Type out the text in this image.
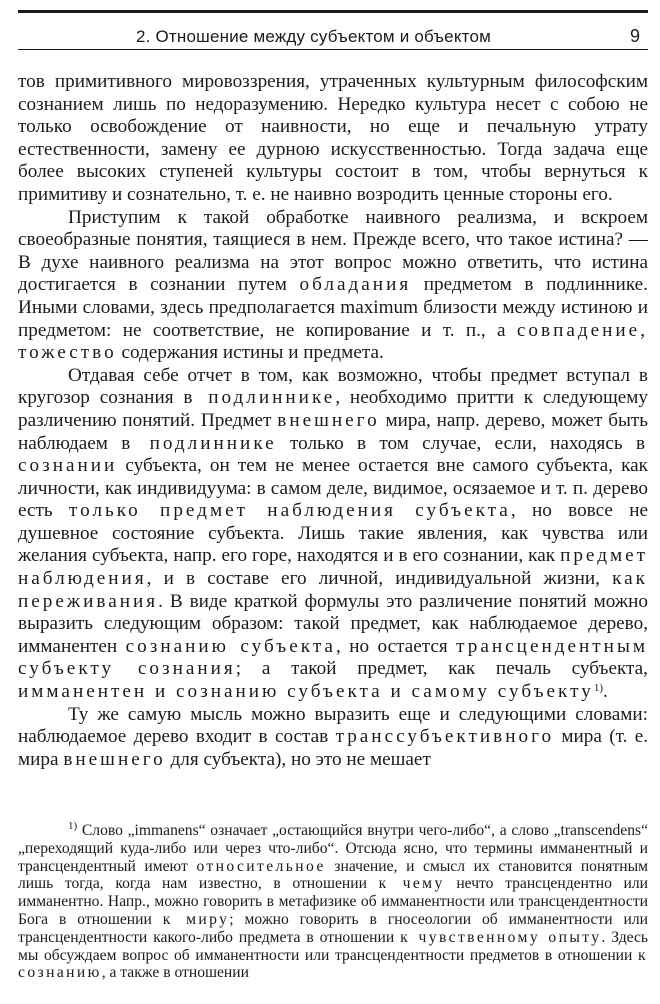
2. Отношение между субъектом и объектом	9

тов примитивного мировоззрения, утраченных культурным философским сознанием лишь по недоразумению. Нередко культура несет с собою не только освобождение от наивности, но еще и печальную утрату естественности, замену ее дурною искусственностью. Тогда задача еще более высоких ступеней культуры состоит в том, чтобы вернуться к примитиву и сознательно, т. е. не наивно возродить ценные стороны его.

Приступим к такой обработке наивного реализма, и вскроем своеобразные понятия, таящиеся в нем. Прежде всего, что такое истина? — В духе наивного реализма на этот вопрос можно ответить, что истина достигается в сознании путем обладания предметом в подлиннике. Иными словами, здесь предполагается maximum близости между истиною и предметом: не соответствие, не копирование и т. п., а совпадение, тожество содержания истины и предмета.

Отдавая себе отчет в том, как возможно, чтобы предмет вступал в кругозор сознания в подлиннике, необходимо притти к следующему различению понятий. Предмет внешнего мира, напр. дерево, может быть наблюдаем в подлиннике только в том случае, если, находясь в сознании субъекта, он тем не менее остается вне самого субъекта, как личности, как индивидуума: в самом деле, видимое, осязаемое и т. п. дерево есть только предмет наблюдения субъекта, но вовсе не душевное состояние субъекта. Лишь такие явления, как чувства или желания субъекта, напр. его горе, находятся и в его сознании, как предмет наблюдения, и в составе его личной, индивидуальной жизни, как переживания. В виде краткой формулы это различение понятий можно выразить следующим образом: такой предмет, как наблюдаемое дерево, имманентен сознанию субъекта, но остается трансцендентным субъекту сознания; а такой предмет, как печаль субъекта, имманентен и сознанию субъекта и самому субъекту$^{1)}$.

Ту же самую мысль можно выразить еще и следующими словами: наблюдаемое дерево входит в состав транссубъективного мира (т. е. мира внешнего для субъекта), но это не мешает

$^{1)}$ Слово „immanens“ означает „остающийся внутри чего-либо“, а слово „transcendens“ „переходящий куда-либо или через что-либо“. Отсюда ясно, что термины имманентный и трансцендентный имеют относительное значение, и смысл их становится понятным лишь тогда, когда нам известно, в отношении к чему нечто трансцендентно или имманентно. Напр., можно говорить в метафизике об имманентности или трансцендентности Бога в отношении к миру; можно говорить в гносеологии об имманентности или трансцендентности какого-либо предмета в отношении к чувственному опыту. Здесь мы обсуждаем вопрос об имманентности или трансцендентности предметов в отношении к сознанию, а также в отношении
